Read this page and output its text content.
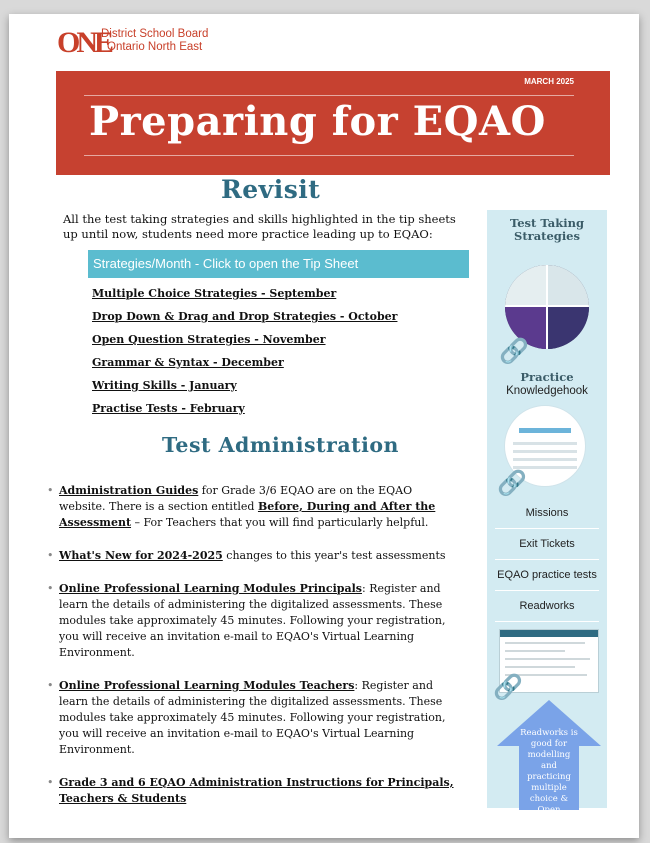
ONE
District School Board
Ontario North East
MARCH 2025
Preparing for EQAO
Revisit
All the test taking strategies and skills highlighted in the tip sheets up until now, students need more practice leading up to EQAO:
Strategies/Month - Click to open the Tip Sheet
Multiple Choice Strategies - September
Drop Down & Drag and Drop Strategies - October
Open Question Strategies - November
Grammar & Syntax - December
Writing Skills - January
Practise Tests - February
Test Administration
• Administration Guides for Grade 3/6 EQAO are on the EQAO website. There is a section entitled Before, During and After the Assessment – For Teachers that you will find particularly helpful.
• What's New for 2024-2025 changes to this year's test assessments
• Online Professional Learning Modules Principals: Register and learn the details of administering the digitalized assessments. These modules take approximately 45 minutes. Following your registration, you will receive an invitation e-mail to EQAO's Virtual Learning Environment.
• Online Professional Learning Modules Teachers: Register and learn the details of administering the digitalized assessments. These modules take approximately 45 minutes. Following your registration, you will receive an invitation e-mail to EQAO's Virtual Learning Environment.
• Grade 3 and 6 EQAO Administration Instructions for Principals, Teachers & Students
Test Taking Strategies
🔗
Practice
Knowledgehook
🔗
Missions
Exit Tickets
EQAO practice tests
Readworks
🔗
Readworks is good for modelling and practicing multiple choice & Open Response.
